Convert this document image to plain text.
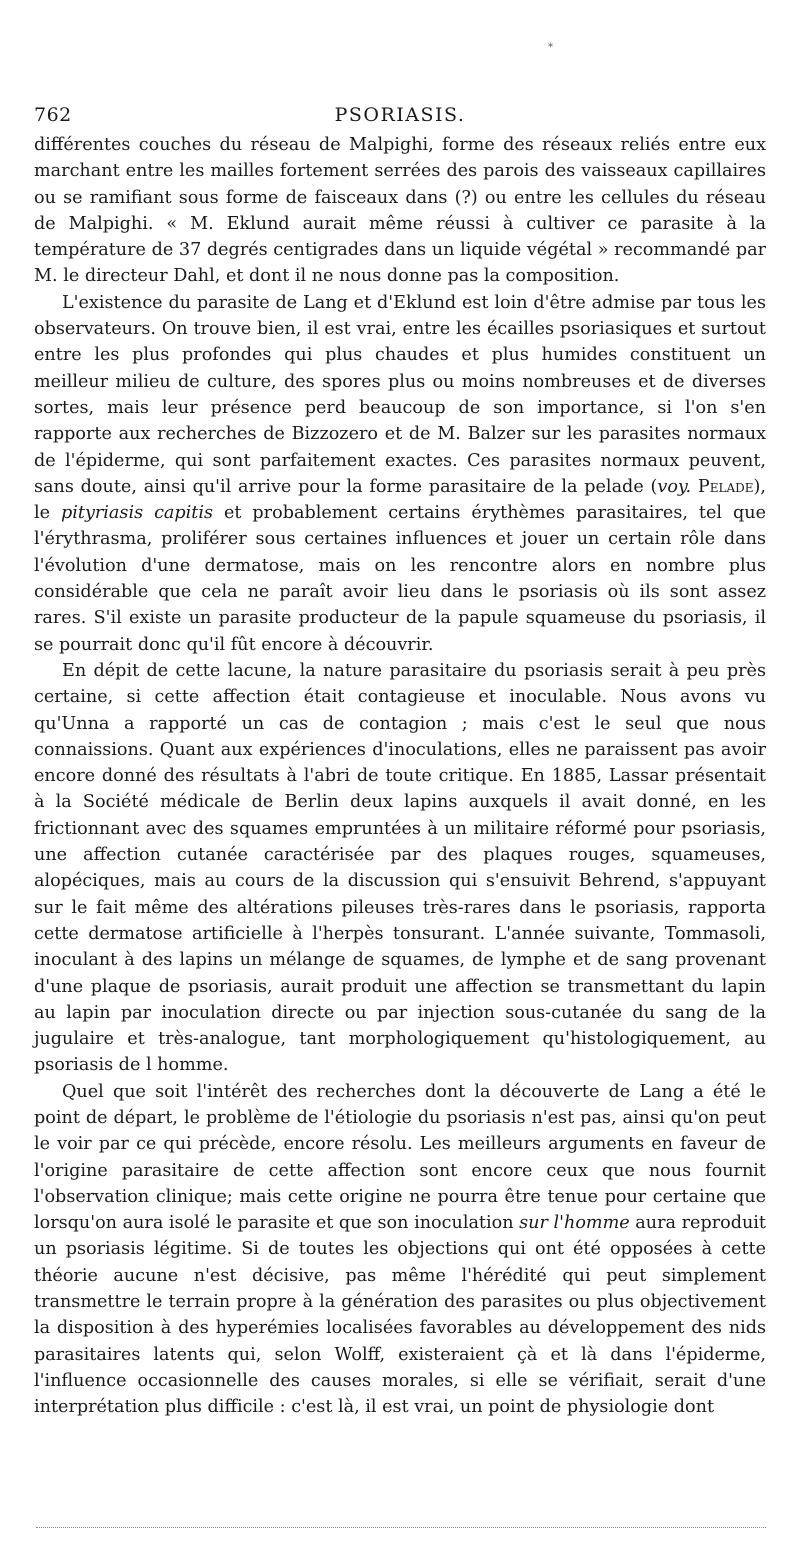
*
762	PSORIASIS.

différentes couches du réseau de Malpighi, forme des réseaux reliés entre eux marchant entre les mailles fortement serrées des parois des vaisseaux capillaires ou se ramifiant sous forme de faisceaux dans (?) ou entre les cellules du réseau de Malpighi. « M. Eklund aurait même réussi à cultiver ce parasite à la température de 37 degrés centigrades dans un liquide végétal » recommandé par M. le directeur Dahl, et dont il ne nous donne pas la composition.

L'existence du parasite de Lang et d'Eklund est loin d'être admise par tous les observateurs. On trouve bien, il est vrai, entre les écailles psoriasiques et surtout entre les plus profondes qui plus chaudes et plus humides constituent un meilleur milieu de culture, des spores plus ou moins nombreuses et de diverses sortes, mais leur présence perd beaucoup de son importance, si l'on s'en rapporte aux recherches de Bizzozero et de M. Balzer sur les parasites normaux de l'épiderme, qui sont parfaitement exactes. Ces parasites normaux peuvent, sans doute, ainsi qu'il arrive pour la forme parasitaire de la pelade (voy. Pelade), le pityriasis capitis et probablement certains érythèmes parasitaires, tel que l'érythrasma, proliférer sous certaines influences et jouer un certain rôle dans l'évolution d'une dermatose, mais on les rencontre alors en nombre plus considérable que cela ne paraît avoir lieu dans le psoriasis où ils sont assez rares. S'il existe un parasite producteur de la papule squameuse du psoriasis, il se pourrait donc qu'il fût encore à découvrir.

En dépit de cette lacune, la nature parasitaire du psoriasis serait à peu près certaine, si cette affection était contagieuse et inoculable. Nous avons vu qu'Unna a rapporté un cas de contagion ; mais c'est le seul que nous connaissions. Quant aux expériences d'inoculations, elles ne paraissent pas avoir encore donné des résultats à l'abri de toute critique. En 1885, Lassar présentait à la Société médicale de Berlin deux lapins auxquels il avait donné, en les frictionnant avec des squames empruntées à un militaire réformé pour psoriasis, une affection cutanée caractérisée par des plaques rouges, squameuses, alopéciques, mais au cours de la discussion qui s'ensuivit Behrend, s'appuyant sur le fait même des altérations pileuses très-rares dans le psoriasis, rapporta cette dermatose artificielle à l'herpès tonsurant. L'année suivante, Tommasoli, inoculant à des lapins un mélange de squames, de lymphe et de sang provenant d'une plaque de psoriasis, aurait produit une affection se transmettant du lapin au lapin par inoculation directe ou par injection sous-cutanée du sang de la jugulaire et très-analogue, tant morphologiquement qu'histologiquement, au psoriasis de l homme.

Quel que soit l'intérêt des recherches dont la découverte de Lang a été le point de départ, le problème de l'étiologie du psoriasis n'est pas, ainsi qu'on peut le voir par ce qui précède, encore résolu. Les meilleurs arguments en faveur de l'origine parasitaire de cette affection sont encore ceux que nous fournit l'observation clinique; mais cette origine ne pourra être tenue pour certaine que lorsqu'on aura isolé le parasite et que son inoculation sur l'homme aura reproduit un psoriasis légitime. Si de toutes les objections qui ont été opposées à cette théorie aucune n'est décisive, pas même l'hérédité qui peut simplement transmettre le terrain propre à la génération des parasites ou plus objectivement la disposition à des hyperémies localisées favorables au développement des nids parasitaires latents qui, selon Wolff, existeraient çà et là dans l'épiderme, l'influence occasionnelle des causes morales, si elle se vérifiait, serait d'une interprétation plus difficile : c'est là, il est vrai, un point de physiologie dont
